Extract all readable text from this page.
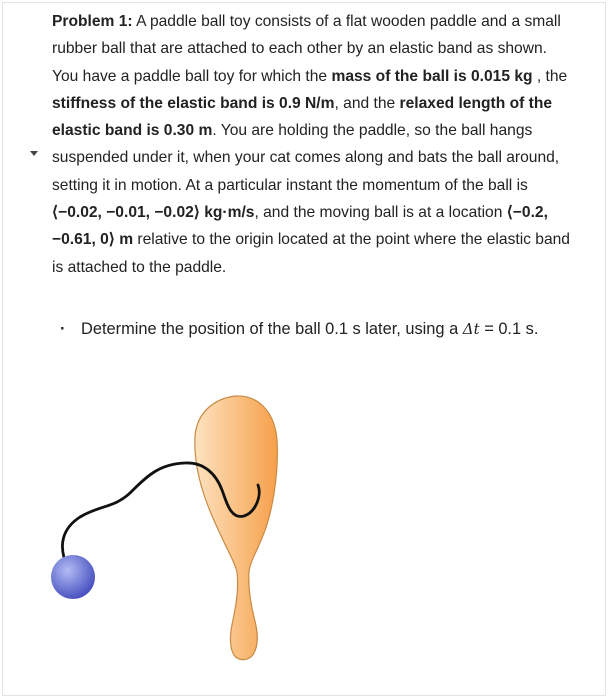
Problem 1: A paddle ball toy consists of a flat wooden paddle and a small rubber ball that are attached to each other by an elastic band as shown. You have a paddle ball toy for which the mass of the ball is 0.015 kg , the stiffness of the elastic band is 0.9 N/m, and the relaxed length of the elastic band is 0.30 m. You are holding the paddle, so the ball hangs suspended under it, when your cat comes along and bats the ball around, setting it in motion. At a particular instant the momentum of the ball is ⟨−0.02, −0.01, −0.02⟩ kg·m/s, and the moving ball is at a location ⟨−0.2, −0.61, 0⟩ m relative to the origin located at the point where the elastic band is attached to the paddle.
· Determine the position of the ball 0.1 s later, using a Δt = 0.1 s.
